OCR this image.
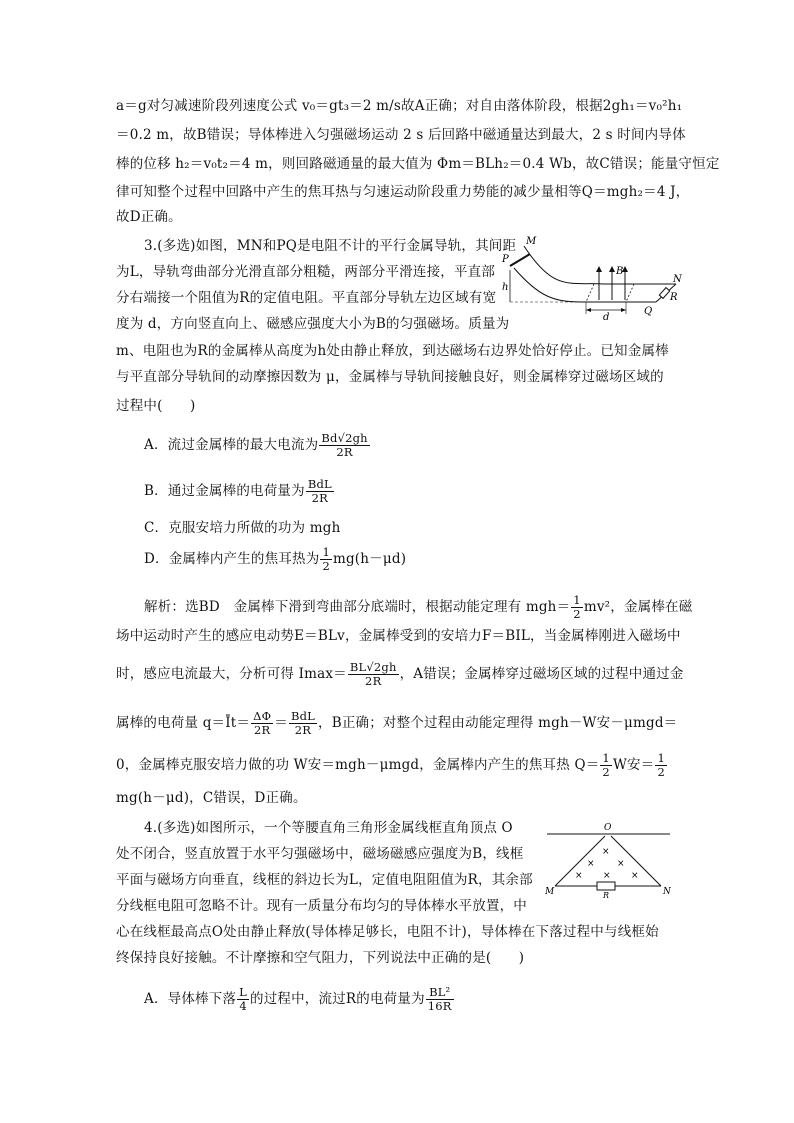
a＝g对匀减速阶段列速度公式 v₀＝gt₃＝2 m/s故A正确；对自由落体阶段，根据2gh₁＝v₀²h₁
＝0.2 m，故B错误；导体棒进入匀强磁场运动 2 s 后回路中磁通量达到最大，2 s 时间内导体
棒的位移 h₂＝v₀t₂＝4 m，则回路磁通量的最大值为 Φm＝BLh₂＝0.4 Wb，故C错误；能量守恒定
律可知整个过程中回路中产生的焦耳热与匀速运动阶段重力势能的减少量相等Q＝mgh₂＝4 J，
故D正确。
3.(多选)如图，MN和PQ是电阻不计的平行金属导轨，其间距
为L，导轨弯曲部分光滑直部分粗糙，两部分平滑连接，平直部
分右端接一个阻值为R的定值电阻。平直部分导轨左边区域有宽
度为 d，方向竖直向上、磁感应强度大小为B的匀强磁场。质量为
m、电阻也为R的金属棒从高度为h处由静止释放，到达磁场右边界处恰好停止。已知金属棒
与平直部分导轨间的动摩擦因数为 μ，金属棒与导轨间接触良好，则金属棒穿过磁场区域的
过程中(　　)
M
P
h
B
N
R
d
Q
A．流过金属棒的最大电流为 $\frac{Bd√2gh}{2R}$
B．通过金属棒的电荷量为 $\frac{\text{BdL}}{2R}$
C．克服安培力所做的功为 mgh
D．金属棒内产生的焦耳热为 $\frac{1}{2} mg(h-\mu d)$
解析：选BD　金属棒下滑到弯曲部分底端时，根据动能定理有 $mgh= \frac{1}{2} mv^2$，金属棒在磁
场中运动时产生的感应电动势E＝BLv，金属棒受到的安培力F＝BIL，当金属棒刚进入磁场中
时，感应电流最大，分析可得 $Imax= \frac{BL√2gh}{2R}$ ，A错误；金属棒穿过磁场区域的过程中通过金
属棒的电荷量 q＝Īt＝ $\frac{\Delta\Phi}{2R} = \frac{\text{BdL}}{2R}$ ，B正确；对整个过程由动能定理得 mgh－W安－μmgd＝
0，金属棒克服安培力做的功 W安＝mgh－μmgd，金属棒内产生的焦耳热 $Q= \frac{1}{2}$ W安＝ $\frac{1}{2}$
mg(h－μd)，C错误，D正确。
4.(多选)如图所示，一个等腰直角三角形金属线框直角顶点 O
处不闭合，竖直放置于水平匀强磁场中，磁场磁感应强度为B，线框
平面与磁场方向垂直，线框的斜边长为L，定值电阻阻值为R，其余部
分线框电阻可忽略不计。现有一质量分布均匀的导体棒水平放置，中
心在线框最高点O处由静止释放(导体棒足够长，电阻不计)，导体棒在下落过程中与线框始
终保持良好接触。不计摩擦和空气阻力，下列说法中正确的是(　　)
O
M	N
R
×
× ×
× × ×
A．导体棒下落 $\frac{L}{4}$ 的过程中，流过R的电荷量为 $\frac{\text{BL²}}{16R}$
